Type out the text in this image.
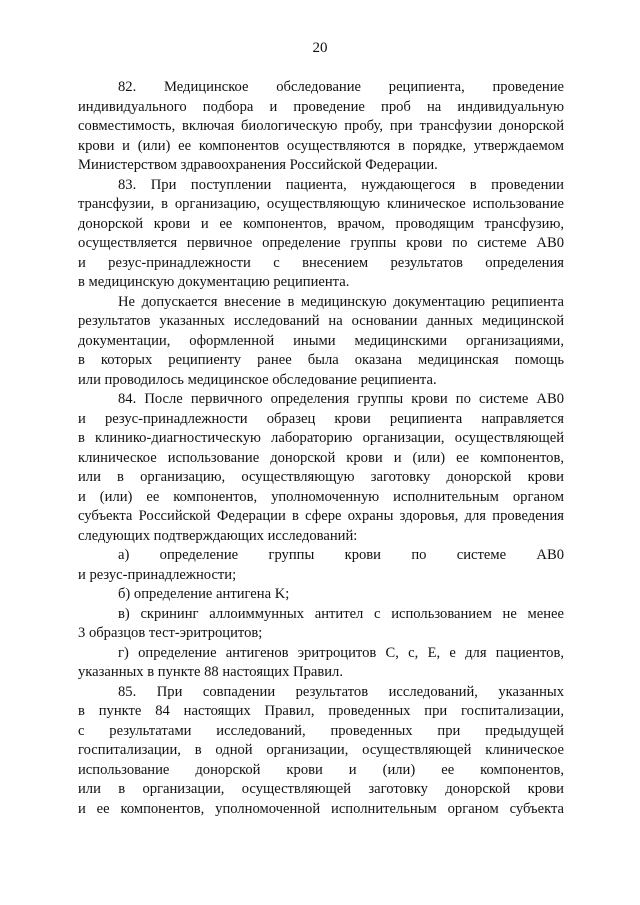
20
82. Медицинское обследование реципиента, проведение
индивидуального подбора и проведение проб на индивидуальную
совместимость, включая биологическую пробу, при трансфузии донорской
крови и (или) ее компонентов осуществляются в порядке, утверждаемом
Министерством здравоохранения Российской Федерации.
83. При поступлении пациента, нуждающегося в проведении
трансфузии, в организацию, осуществляющую клиническое использование
донорской крови и ее компонентов, врачом, проводящим трансфузию,
осуществляется первичное определение группы крови по системе AB0
и резус-принадлежности с внесением результатов определения
в медицинскую документацию реципиента.
Не допускается внесение в медицинскую документацию реципиента
результатов указанных исследований на основании данных медицинской
документации, оформленной иными медицинскими организациями,
в которых реципиенту ранее была оказана медицинская помощь
или проводилось медицинское обследование реципиента.
84. После первичного определения группы крови по системе AB0
и резус-принадлежности образец крови реципиента направляется
в клинико-диагностическую лабораторию организации, осуществляющей
клиническое использование донорской крови и (или) ее компонентов,
или в организацию, осуществляющую заготовку донорской крови
и (или) ее компонентов, уполномоченную исполнительным органом
субъекта Российской Федерации в сфере охраны здоровья, для проведения
следующих подтверждающих исследований:
а) определение группы крови по системе AB0
и резус-принадлежности;
б) определение антигена K;
в) скрининг аллоиммунных антител с использованием не менее
3 образцов тест-эритроцитов;
г) определение антигенов эритроцитов C, c, E, e для пациентов,
указанных в пункте 88 настоящих Правил.
85. При совпадении результатов исследований, указанных
в пункте 84 настоящих Правил, проведенных при госпитализации,
с результатами исследований, проведенных при предыдущей
госпитализации, в одной организации, осуществляющей клиническое
использование донорской крови и (или) ее компонентов,
или в организации, осуществляющей заготовку донорской крови
и ее компонентов, уполномоченной исполнительным органом субъекта
